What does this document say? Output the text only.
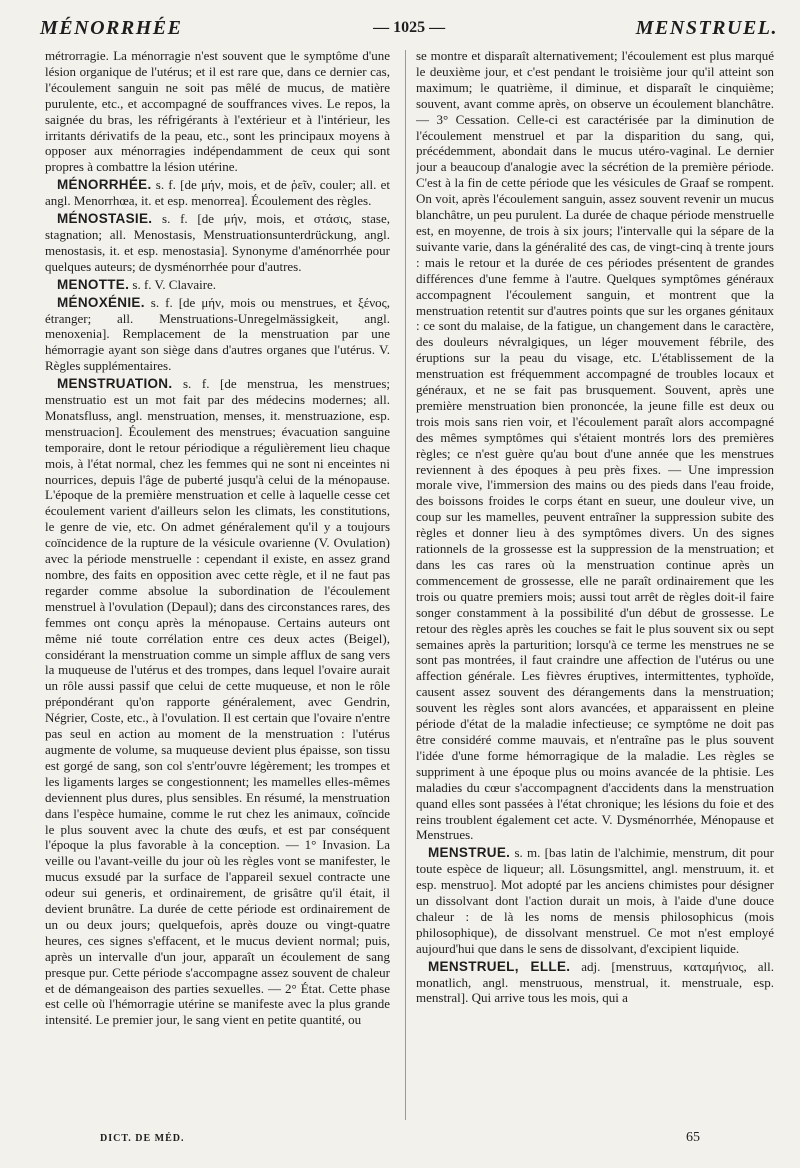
MÉNORRHÉE	— 1025 —	MENSTRUEL.

métrorragie. La ménorragie n'est souvent que le symptôme d'une lésion organique de l'utérus; et il est rare que, dans ce dernier cas, l'écoulement sanguin ne soit pas mêlé de mucus, de matière purulente, etc., et accompagné de souffrances vives. Le repos, la saignée du bras, les réfrigérants à l'extérieur et à l'intérieur, les irritants dérivatifs de la peau, etc., sont les principaux moyens à opposer aux ménorragies indépendamment de ceux qui sont propres à combattre la lésion utérine.

MÉNORRHÉE. s. f. [de μήν, mois, et de ῥεῖν, couler; all. et angl. Menorrhœa, it. et esp. menorrea]. Écoulement des règles.

MÉNOSTASIE. s. f. [de μήν, mois, et στάσις, stase, stagnation; all. Menostasis, Menstruationsunterdrückung, angl. menostasis, it. et esp. menostasia]. Synonyme d'aménorrhée pour quelques auteurs; de dysménorrhée pour d'autres.

MENOTTE. s. f. V. Clavaire.

MÉNOXÉNIE. s. f. [de μήν, mois ou menstrues, et ξένος, étranger; all. Menstruations-Unregelmässigkeit, angl. menoxenia]. Remplacement de la menstruation par une hémorragie ayant son siège dans d'autres organes que l'utérus. V. Règles supplémentaires.

MENSTRUATION. s. f. [de menstrua, les menstrues; menstruatio est un mot fait par des médecins modernes; all. Monatsfluss, angl. menstruation, menses, it. menstruazione, esp. menstruacion]. Écoulement des menstrues; évacuation sanguine temporaire, dont le retour périodique a régulièrement lieu chaque mois, à l'état normal, chez les femmes qui ne sont ni enceintes ni nourrices, depuis l'âge de puberté jusqu'à celui de la ménopause. L'époque de la première menstruation et celle à laquelle cesse cet écoulement varient d'ailleurs selon les climats, les constitutions, le genre de vie, etc. On admet généralement qu'il y a toujours coïncidence de la rupture de la vésicule ovarienne (V. Ovulation) avec la période menstruelle : cependant il existe, en assez grand nombre, des faits en opposition avec cette règle, et il ne faut pas regarder comme absolue la subordination de l'écoulement menstruel à l'ovulation (Depaul); dans des circonstances rares, des femmes ont conçu après la ménopause. Certains auteurs ont même nié toute corrélation entre ces deux actes (Beigel), considérant la menstruation comme un simple afflux de sang vers la muqueuse de l'utérus et des trompes, dans lequel l'ovaire aurait un rôle aussi passif que celui de cette muqueuse, et non le rôle prépondérant qu'on rapporte généralement, avec Gendrin, Négrier, Coste, etc., à l'ovulation. Il est certain que l'ovaire n'entre pas seul en action au moment de la menstruation : l'utérus augmente de volume, sa muqueuse devient plus épaisse, son tissu est gorgé de sang, son col s'entr'ouvre légèrement; les trompes et les ligaments larges se congestionnent; les mamelles elles-mêmes deviennent plus dures, plus sensibles. En résumé, la menstruation dans l'espèce humaine, comme le rut chez les animaux, coïncide le plus souvent avec la chute des œufs, et est par conséquent l'époque la plus favorable à la conception. — 1° Invasion. La veille ou l'avant-veille du jour où les règles vont se manifester, le mucus exsudé par la surface de l'appareil sexuel contracte une odeur sui generis, et ordinairement, de grisâtre qu'il était, il devient brunâtre. La durée de cette période est ordinairement de un ou deux jours; quelquefois, après douze ou vingt-quatre heures, ces signes s'effacent, et le mucus devient normal; puis, après un intervalle d'un jour, apparaît un écoulement de sang presque pur. Cette période s'accompagne assez souvent de chaleur et de démangeaison des parties sexuelles. — 2° État. Cette phase est celle où l'hémorragie utérine se manifeste avec la plus grande intensité. Le premier jour, le sang vient en petite quantité, ou

se montre et disparaît alternativement; l'écoulement est plus marqué le deuxième jour, et c'est pendant le troisième jour qu'il atteint son maximum; le quatrième, il diminue, et disparaît le cinquième; souvent, avant comme après, on observe un écoulement blanchâtre. — 3° Cessation. Celle-ci est caractérisée par la diminution de l'écoulement menstruel et par la disparition du sang, qui, précédemment, abondait dans le mucus utéro-vaginal. Le dernier jour a beaucoup d'analogie avec la sécrétion de la première période. C'est à la fin de cette période que les vésicules de Graaf se rompent. On voit, après l'écoulement sanguin, assez souvent revenir un mucus blanchâtre, un peu purulent. La durée de chaque période menstruelle est, en moyenne, de trois à six jours; l'intervalle qui la sépare de la suivante varie, dans la généralité des cas, de vingt-cinq à trente jours : mais le retour et la durée de ces périodes présentent de grandes différences d'une femme à l'autre. Quelques symptômes généraux accompagnent l'écoulement sanguin, et montrent que la menstruation retentit sur d'autres points que sur les organes génitaux : ce sont du malaise, de la fatigue, un changement dans le caractère, des douleurs névralgiques, un léger mouvement fébrile, des éruptions sur la peau du visage, etc. L'établissement de la menstruation est fréquemment accompagné de troubles locaux et généraux, et ne se fait pas brusquement. Souvent, après une première menstruation bien prononcée, la jeune fille est deux ou trois mois sans rien voir, et l'écoulement paraît alors accompagné des mêmes symptômes qui s'étaient montrés lors des premières règles; ce n'est guère qu'au bout d'une année que les menstrues reviennent à des époques à peu près fixes. — Une impression morale vive, l'immersion des mains ou des pieds dans l'eau froide, des boissons froides le corps étant en sueur, une douleur vive, un coup sur les mamelles, peuvent entraîner la suppression subite des règles et donner lieu à des symptômes divers. Un des signes rationnels de la grossesse est la suppression de la menstruation; et dans les cas rares où la menstruation continue après un commencement de grossesse, elle ne paraît ordinairement que les trois ou quatre premiers mois; aussi tout arrêt de règles doit-il faire songer constamment à la possibilité d'un début de grossesse. Le retour des règles après les couches se fait le plus souvent six ou sept semaines après la parturition; lorsqu'à ce terme les menstrues ne se sont pas montrées, il faut craindre une affection de l'utérus ou une affection générale. Les fièvres éruptives, intermittentes, typhoïde, causent assez souvent des dérangements dans la menstruation; souvent les règles sont alors avancées, et apparaissent en pleine période d'état de la maladie infectieuse; ce symptôme ne doit pas être considéré comme mauvais, et n'entraîne pas le plus souvent l'idée d'une forme hémorragique de la maladie. Les règles se suppriment à une époque plus ou moins avancée de la phtisie. Les maladies du cœur s'accompagnent d'accidents dans la menstruation quand elles sont passées à l'état chronique; les lésions du foie et des reins troublent également cet acte. V. Dysménorrhée, Ménopause et Menstrues.

MENSTRUE. s. m. [bas latin de l'alchimie, menstrum, dit pour toute espèce de liqueur; all. Lösungsmittel, angl. menstruum, it. et esp. menstruo]. Mot adopté par les anciens chimistes pour désigner un dissolvant dont l'action durait un mois, à l'aide d'une douce chaleur : de là les noms de mensis philosophicus (mois philosophique), de dissolvant menstruel. Ce mot n'est employé aujourd'hui que dans le sens de dissolvant, d'excipient liquide.

MENSTRUEL, ELLE. adj. [menstruus, καταμήνιος, all. monatlich, angl. menstruous, menstrual, it. menstruale, esp. menstral]. Qui arrive tous les mois, qui a

DICT. DE MÉD.	65
